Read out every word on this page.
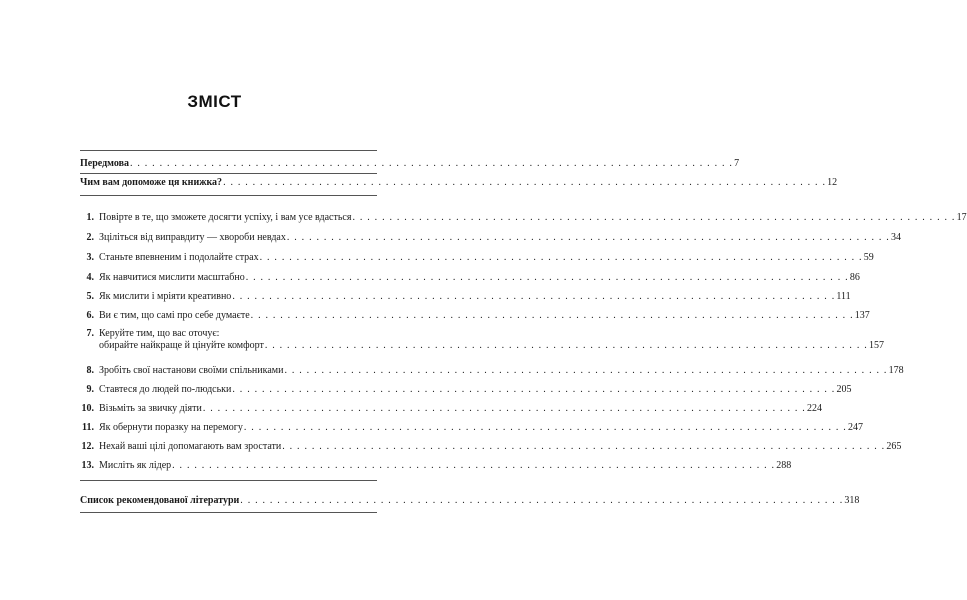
ЗМІСТ
Передмова . . .	7
Чим вам допоможе ця книжка? . . .	12
1. Повірте в те, що зможете досягти успіху, і вам усе вдасться . . .	17
2. Зціліться від виправдиту — хвороби невдах . . .	34
3. Станьте впевненим і подолайте страх . . .	59
4. Як навчитися мислити масштабно . . .	86
5. Як мислити і мріяти креативно . . .	111
6. Ви є тим, що самі про себе думаєте . . .	137
7. Керуйте тим, що вас оточує:
обирайте найкраще й цінуйте комфорт . . .	157
8. Зробіть свої настанови своїми спільниками . . .	178
9. Ставтеся до людей по-людськи . . .	205
10. Візьміть за звичку діяти . . .	224
11. Як обернути поразку на перемогу . . .	247
12. Нехай ваші цілі допомагають вам зростати . . .	265
13. Мисліть як лідер . . .	288
Список рекомендованої літератури . . .	318
